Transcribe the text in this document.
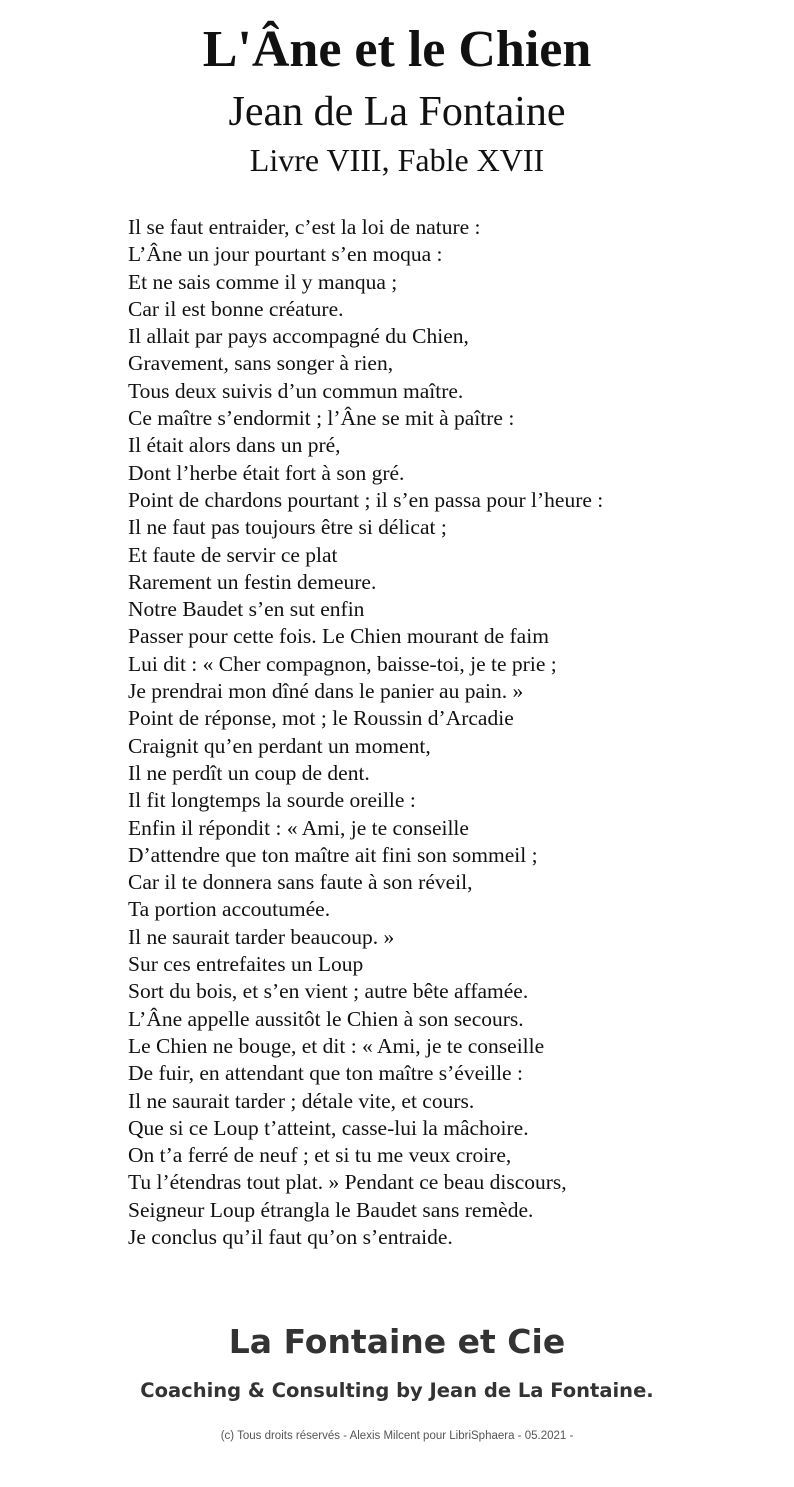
L'Âne et le Chien
Jean de La Fontaine
Livre VIII, Fable XVII
Il se faut entraider, c’est la loi de nature :
L’Âne un jour pourtant s’en moqua :
Et ne sais comme il y manqua ;
Car il est bonne créature.
Il allait par pays accompagné du Chien,
Gravement, sans songer à rien,
Tous deux suivis d’un commun maître.
Ce maître s’endormit ; l’Âne se mit à paître :
Il était alors dans un pré,
Dont l’herbe était fort à son gré.
Point de chardons pourtant ; il s’en passa pour l’heure :
Il ne faut pas toujours être si délicat ;
Et faute de servir ce plat
Rarement un festin demeure.
Notre Baudet s’en sut enfin
Passer pour cette fois. Le Chien mourant de faim
Lui dit : « Cher compagnon, baisse-toi, je te prie ;
Je prendrai mon dîné dans le panier au pain. »
Point de réponse, mot ; le Roussin d’Arcadie
Craignit qu’en perdant un moment,
Il ne perdît un coup de dent.
Il fit longtemps la sourde oreille :
Enfin il répondit : « Ami, je te conseille
D’attendre que ton maître ait fini son sommeil ;
Car il te donnera sans faute à son réveil,
Ta portion accoutumée.
Il ne saurait tarder beaucoup. »
Sur ces entrefaites un Loup
Sort du bois, et s’en vient ; autre bête affamée.
L’Âne appelle aussitôt le Chien à son secours.
Le Chien ne bouge, et dit : « Ami, je te conseille
De fuir, en attendant que ton maître s’éveille :
Il ne saurait tarder ; détale vite, et cours.
Que si ce Loup t’atteint, casse-lui la mâchoire.
On t’a ferré de neuf ; et si tu me veux croire,
Tu l’étendras tout plat. » Pendant ce beau discours,
Seigneur Loup étrangla le Baudet sans remède.
Je conclus qu’il faut qu’on s’entraide.
La Fontaine et Cie
Coaching & Consulting by Jean de La Fontaine.
(c) Tous droits réservés - Alexis Milcent pour LibriSphaera - 05.2021 -
